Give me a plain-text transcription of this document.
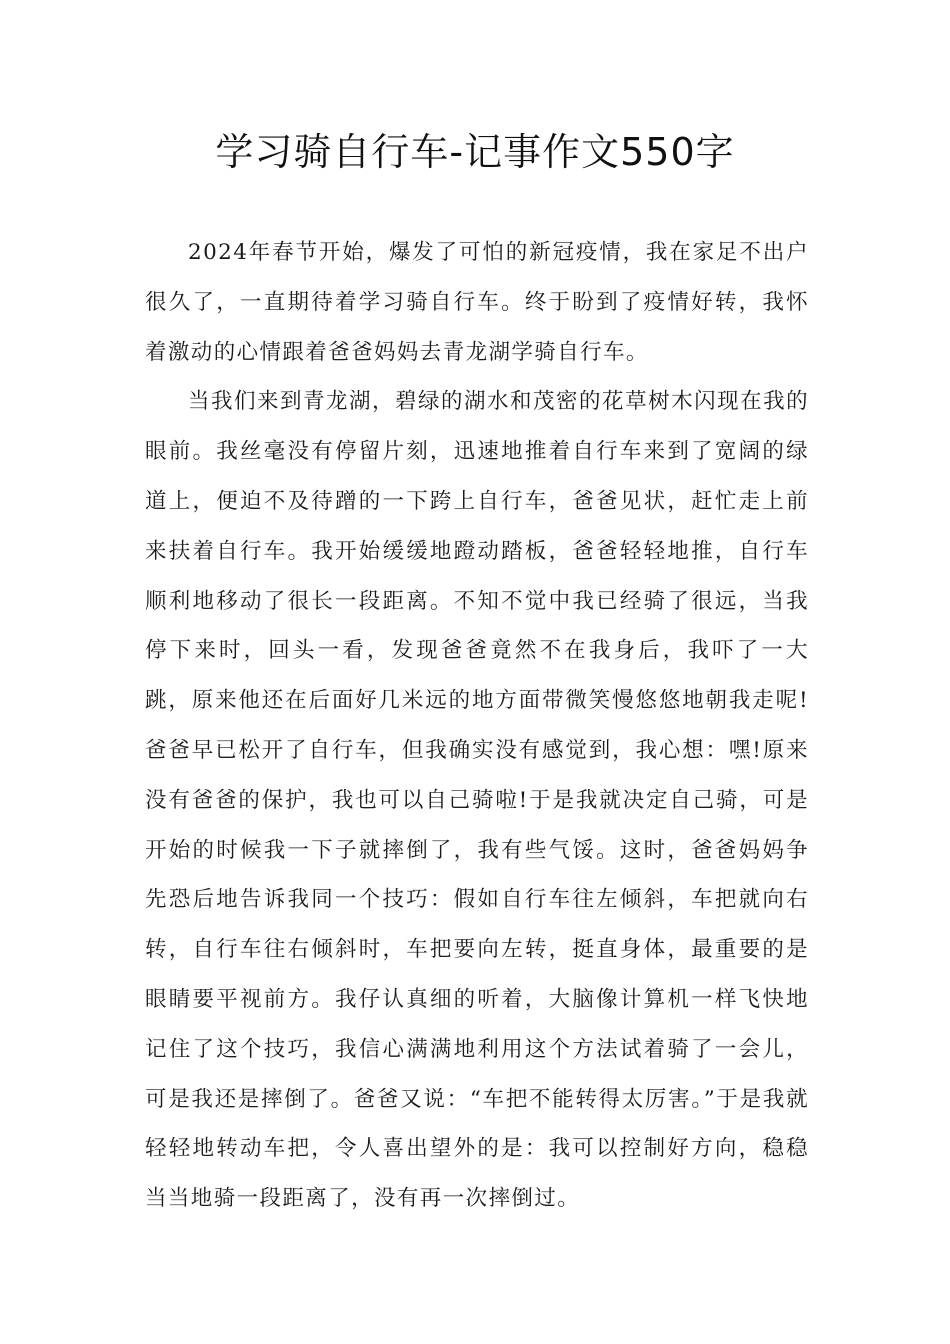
学习骑自行车-记事作文550字

2024年春节开始，爆发了可怕的新冠疫情，我在家足不出户很久了，一直期待着学习骑自行车。终于盼到了疫情好转，我怀着激动的心情跟着爸爸妈妈去青龙湖学骑自行车。

当我们来到青龙湖，碧绿的湖水和茂密的花草树木闪现在我的眼前。我丝毫没有停留片刻，迅速地推着自行车来到了宽阔的绿道上，便迫不及待蹭的一下跨上自行车，爸爸见状，赶忙走上前来扶着自行车。我开始缓缓地蹬动踏板，爸爸轻轻地推，自行车顺利地移动了很长一段距离。不知不觉中我已经骑了很远，当我停下来时，回头一看，发现爸爸竟然不在我身后，我吓了一大跳，原来他还在后面好几米远的地方面带微笑慢悠悠地朝我走呢!爸爸早已松开了自行车，但我确实没有感觉到，我心想：嘿!原来没有爸爸的保护，我也可以自己骑啦!于是我就决定自己骑，可是开始的时候我一下子就摔倒了，我有些气馁。这时，爸爸妈妈争先恐后地告诉我同一个技巧：假如自行车往左倾斜，车把就向右转，自行车往右倾斜时，车把要向左转，挺直身体，最重要的是眼睛要平视前方。我仔认真细的听着，大脑像计算机一样飞快地记住了这个技巧，我信心满满地利用这个方法试着骑了一会儿，可是我还是摔倒了。爸爸又说：“车把不能转得太厉害。”于是我就轻轻地转动车把，令人喜出望外的是：我可以控制好方向，稳稳当当地骑一段距离了，没有再一次摔倒过。
